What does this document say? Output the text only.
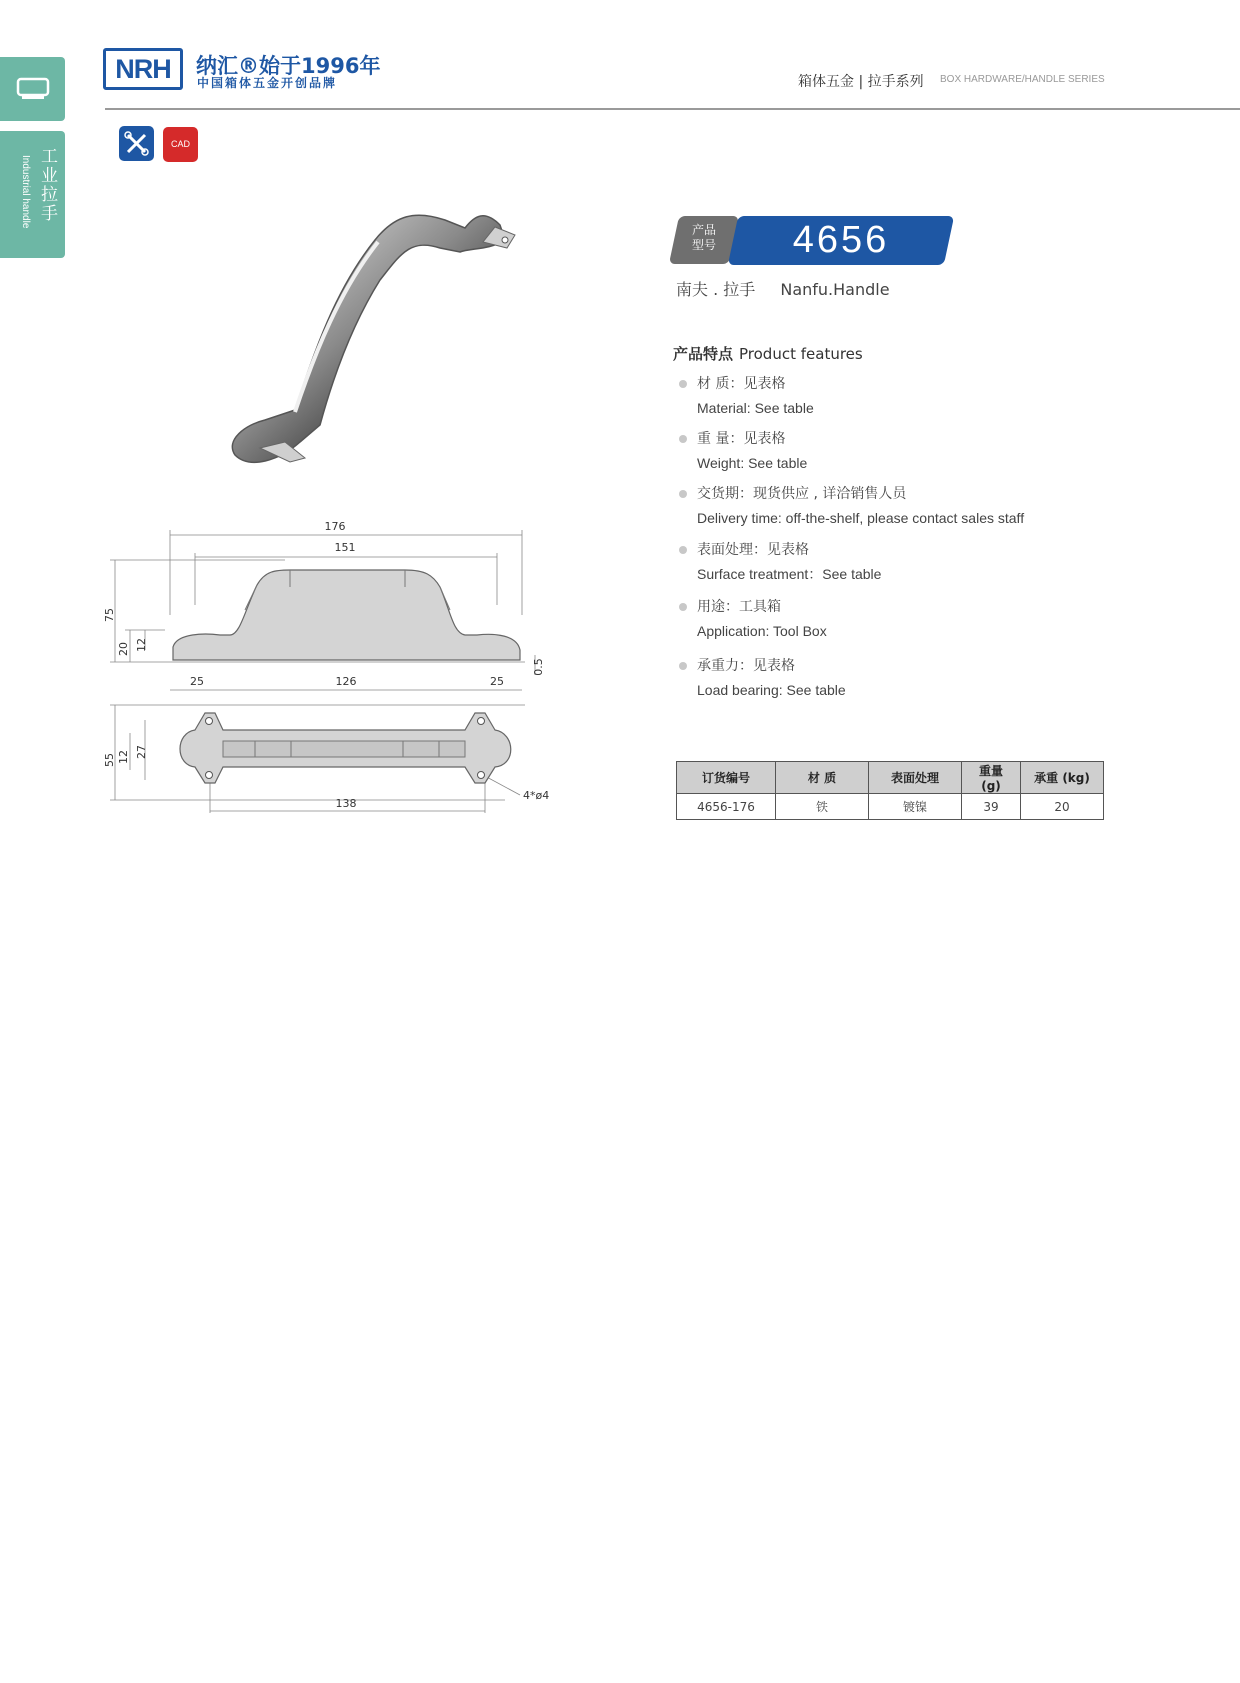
工业拉手
Industrial handle
NRH	纳汇®始于1996年
中国箱体五金开创品牌	箱体五金 | 拉手系列 BOX HARDWARE/HANDLE SERIES
CAD
176
151
75
20 12
0.5
25	126	25
55 12 27
138
4*ø4
产品
型号	4656
南夫 . 拉手 Nanfu.Handle
产品特点 Product features
材 质：见表格
Material: See table
重 量：见表格
Weight: See table
交货期：现货供应 , 详洽销售人员
Delivery time: off-the-shelf, please contact sales staff
表面处理：见表格
Surface treatment：See table
用途：工具箱
Application: Tool Box
承重力：见表格
Load bearing: See table
订货编号	材 质	表面处理	重量 (g)	承重 (kg)
4656-176	铁	镀镍	39	20
